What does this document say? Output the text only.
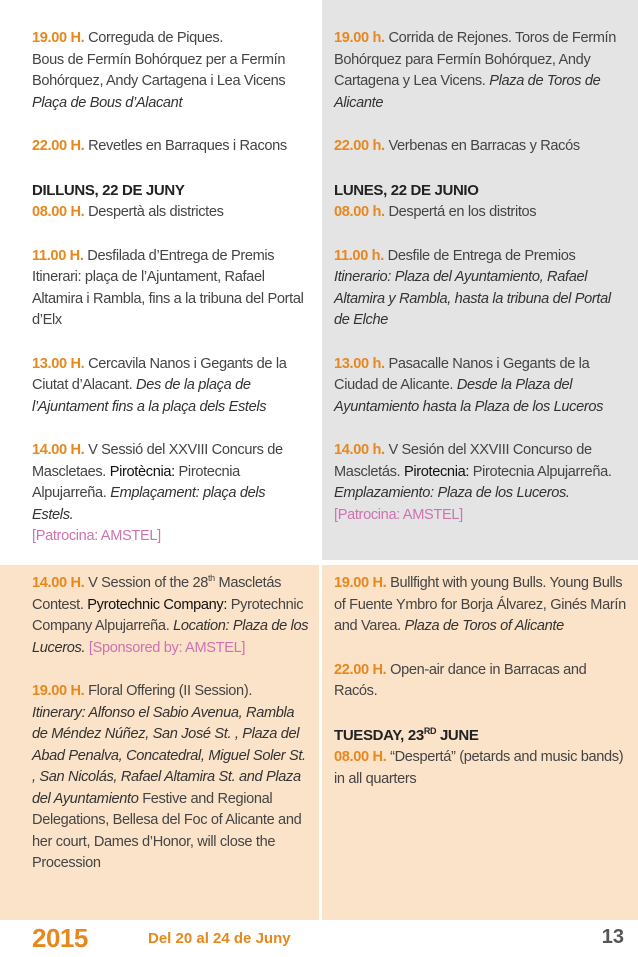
19.00 H. Correguda de Piques.
Bous de Fermín Bohórquez per a Fermín Bohórquez, Andy Cartagena i Lea Vicens
Plaça de Bous d’Alacant
22.00 H. Revetles en Barraques i Racons
DILLUNS, 22 DE JUNY
08.00 H. Despertà als districtes
11.00 H. Desfilada d’Entrega de Premis
Itinerari: plaça de l’Ajuntament, Rafael Altamira i Rambla, fins a la tribuna del Portal d’Elx
13.00 H. Cercavila Nanos i Gegants de la Ciutat d’Alacant. Des de la plaça de l’Ajuntament fins a la plaça dels Estels
14.00 H. V Sessió del XXVIII Concurs de Mascletaes. Pirotècnia: Pirotecnia Alpujarreña. Emplaçament: plaça dels Estels.
[Patrocina: AMSTEL]
19.00 h. Corrida de Rejones. Toros de Fermín Bohórquez para Fermín Bohórquez, Andy Cartagena y Lea Vicens. Plaza de Toros de Alicante
22.00 h. Verbenas en Barracas y Racós
LUNES, 22 DE JUNIO
08.00 h. Despertá en los distritos
11.00 h. Desfile de Entrega de Premios
Itinerario: Plaza del Ayuntamiento, Rafael Altamira y Rambla, hasta la tribuna del Portal de Elche
13.00 h. Pasacalle Nanos i Gegants de la Ciudad de Alicante. Desde la Plaza del Ayuntamiento hasta la Plaza de los Luceros
14.00 h. V Sesión del XXVIII Concurso de Mascletás. Pirotecnia: Pirotecnia Alpujarreña. Emplazamiento: Plaza de los Luceros. [Patrocina: AMSTEL]
14.00 H. V Session of the 28th Mascletás Contest. Pyrotechnic Company: Pyrotechnic Company Alpujarreña. Location: Plaza de los Luceros. [Sponsored by: AMSTEL]
19.00 H. Floral Offering (II Session).
Itinerary: Alfonso el Sabio Avenua, Rambla de Méndez Núñez, San José St. , Plaza del Abad Penalva, Concatedral, Miguel Soler St. , San Nicolás, Rafael Altamira St. and Plaza del Ayuntamiento Festive and Regional Delegations, Bellesa del Foc of Alicante and her court, Dames d’Honor, will close the Procession
19.00 H. Bullfight with young Bulls. Young Bulls of Fuente Ymbro for Borja Álvarez, Ginés Marín and Varea. Plaza de Toros of Alicante
22.00 H. Open-air dance in Barracas and Racós.
TUESDAY, 23RD JUNE
08.00 H. “Despertá” (petards and music bands) in all quarters
2015	Del 20 al 24 de Juny	13
